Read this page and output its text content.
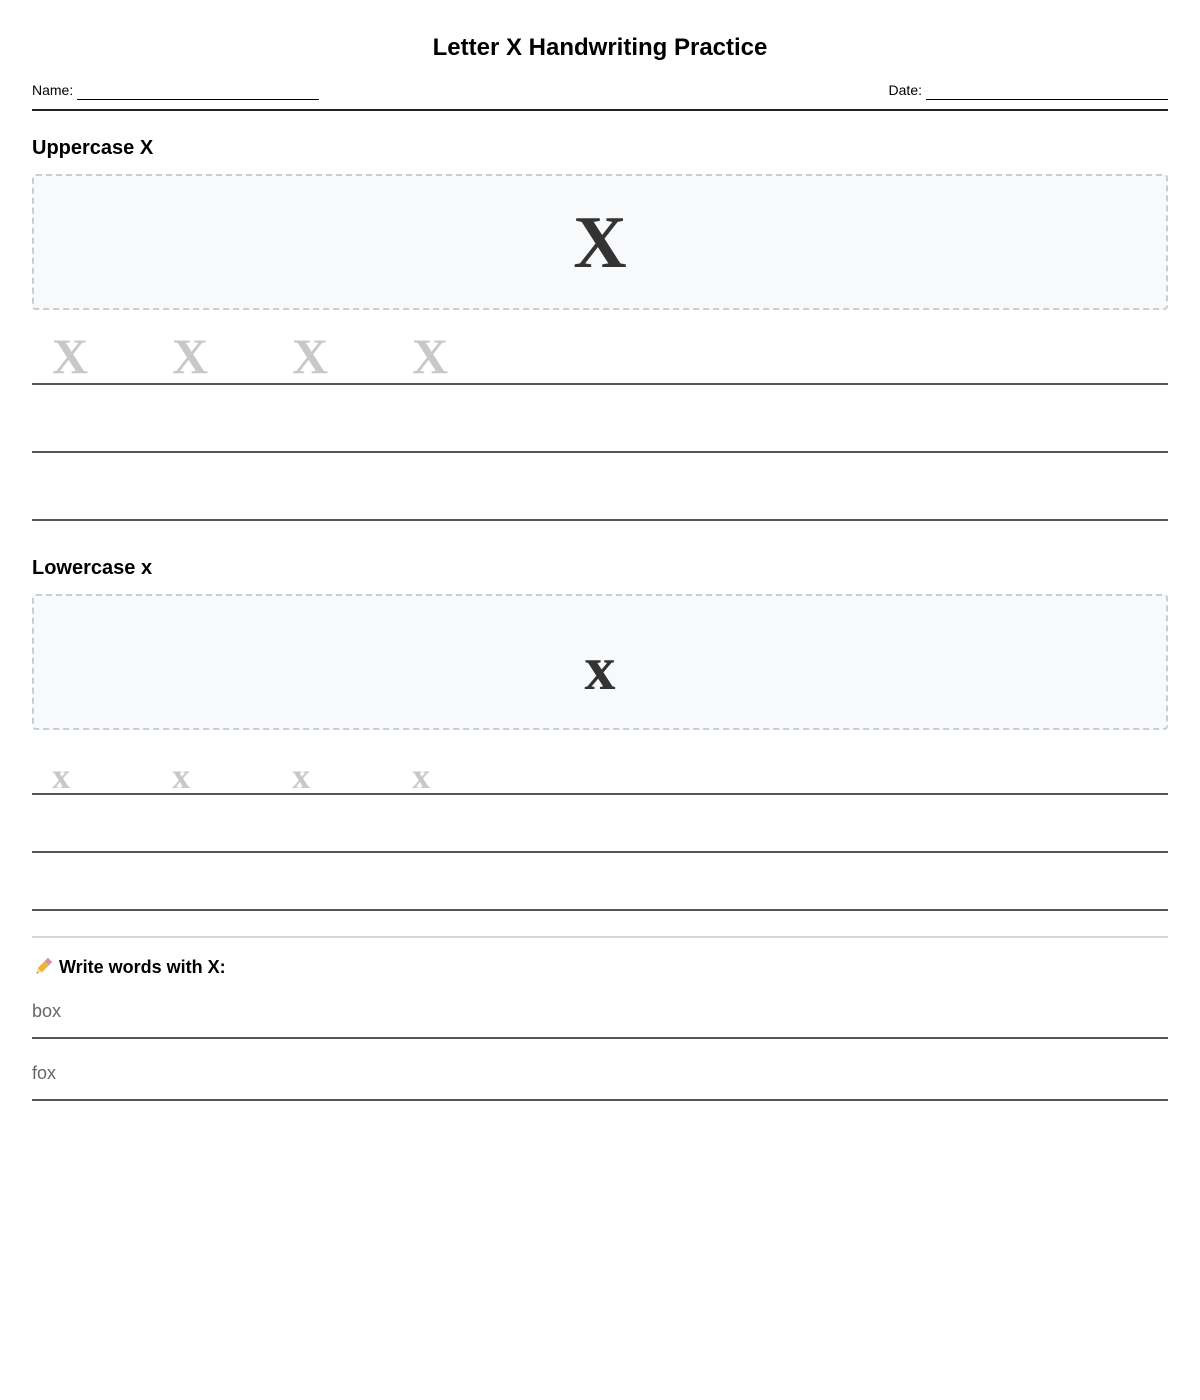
Letter X Handwriting Practice
Name:	Date:
Uppercase X
X
X X X X
Lowercase x
x
x	x	x	x
Write words with X:
box
fox
